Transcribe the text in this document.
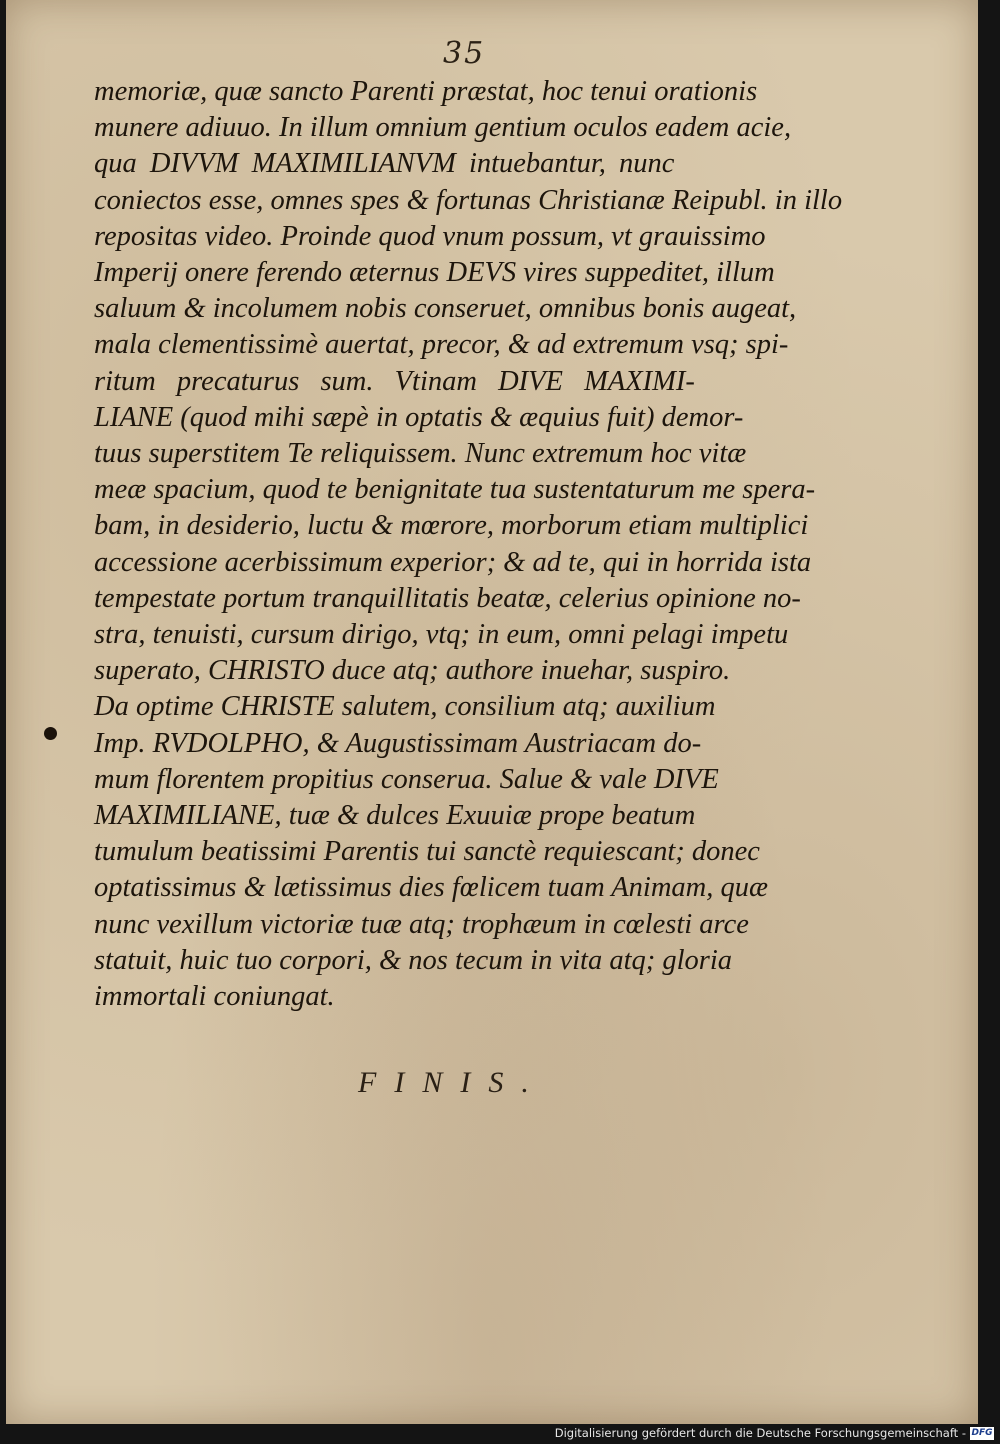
35

memoriæ, quæ sancto Parenti præstat, hoc tenui orationis
munere adiuuo. In illum omnium gentium oculos eadem acie,
qua DIVVM MAXIMILIANVM intuebantur, nunc
coniectos esse, omnes spes & fortunas Christianæ Reipubl. in illo
repositas video. Proinde quod vnum possum, vt grauissimo
Imperij onere ferendo æternus DEVS vires suppeditet, illum
saluum & incolumem nobis conseruet, omnibus bonis augeat,
mala clementissimè auertat, precor, & ad extremum vsq; spi-
ritum precaturus sum. Vtinam DIVE MAXIMI-
LIANE (quod mihi sæpè in optatis & æquius fuit) demor-
tuus superstitem Te reliquissem. Nunc extremum hoc vitæ
meæ spacium, quod te benignitate tua sustentaturum me spera-
bam, in desiderio, luctu & mœrore, morborum etiam multiplici
accessione acerbissimum experior; & ad te, qui in horrida ista
tempestate portum tranquillitatis beatæ, celerius opinione no-
stra, tenuisti, cursum dirigo, vtq; in eum, omni pelagi impetu
superato, CHRISTO duce atq; authore inuehar, suspiro.
Da optime CHRISTE salutem, consilium atq; auxilium
Imp. RVDOLPHO, & Augustissimam Austriacam do-
mum florentem propitius conserua. Salue & vale DIVE
MAXIMILIANE, tuæ & dulces Exuuiæ prope beatum
tumulum beatissimi Parentis tui sanctè requiescant; donec
optatissimus & lætissimus dies fœlicem tuam Animam, quæ
nunc vexillum victoriæ tuæ atq; trophæum in cœlesti arce
statuit, huic tuo corpori, & nos tecum in vita atq; gloria
immortali coniungat.

FINIS.
Digitalisierung gefördert durch die Deutsche Forschungsgemeinschaft - DFG
